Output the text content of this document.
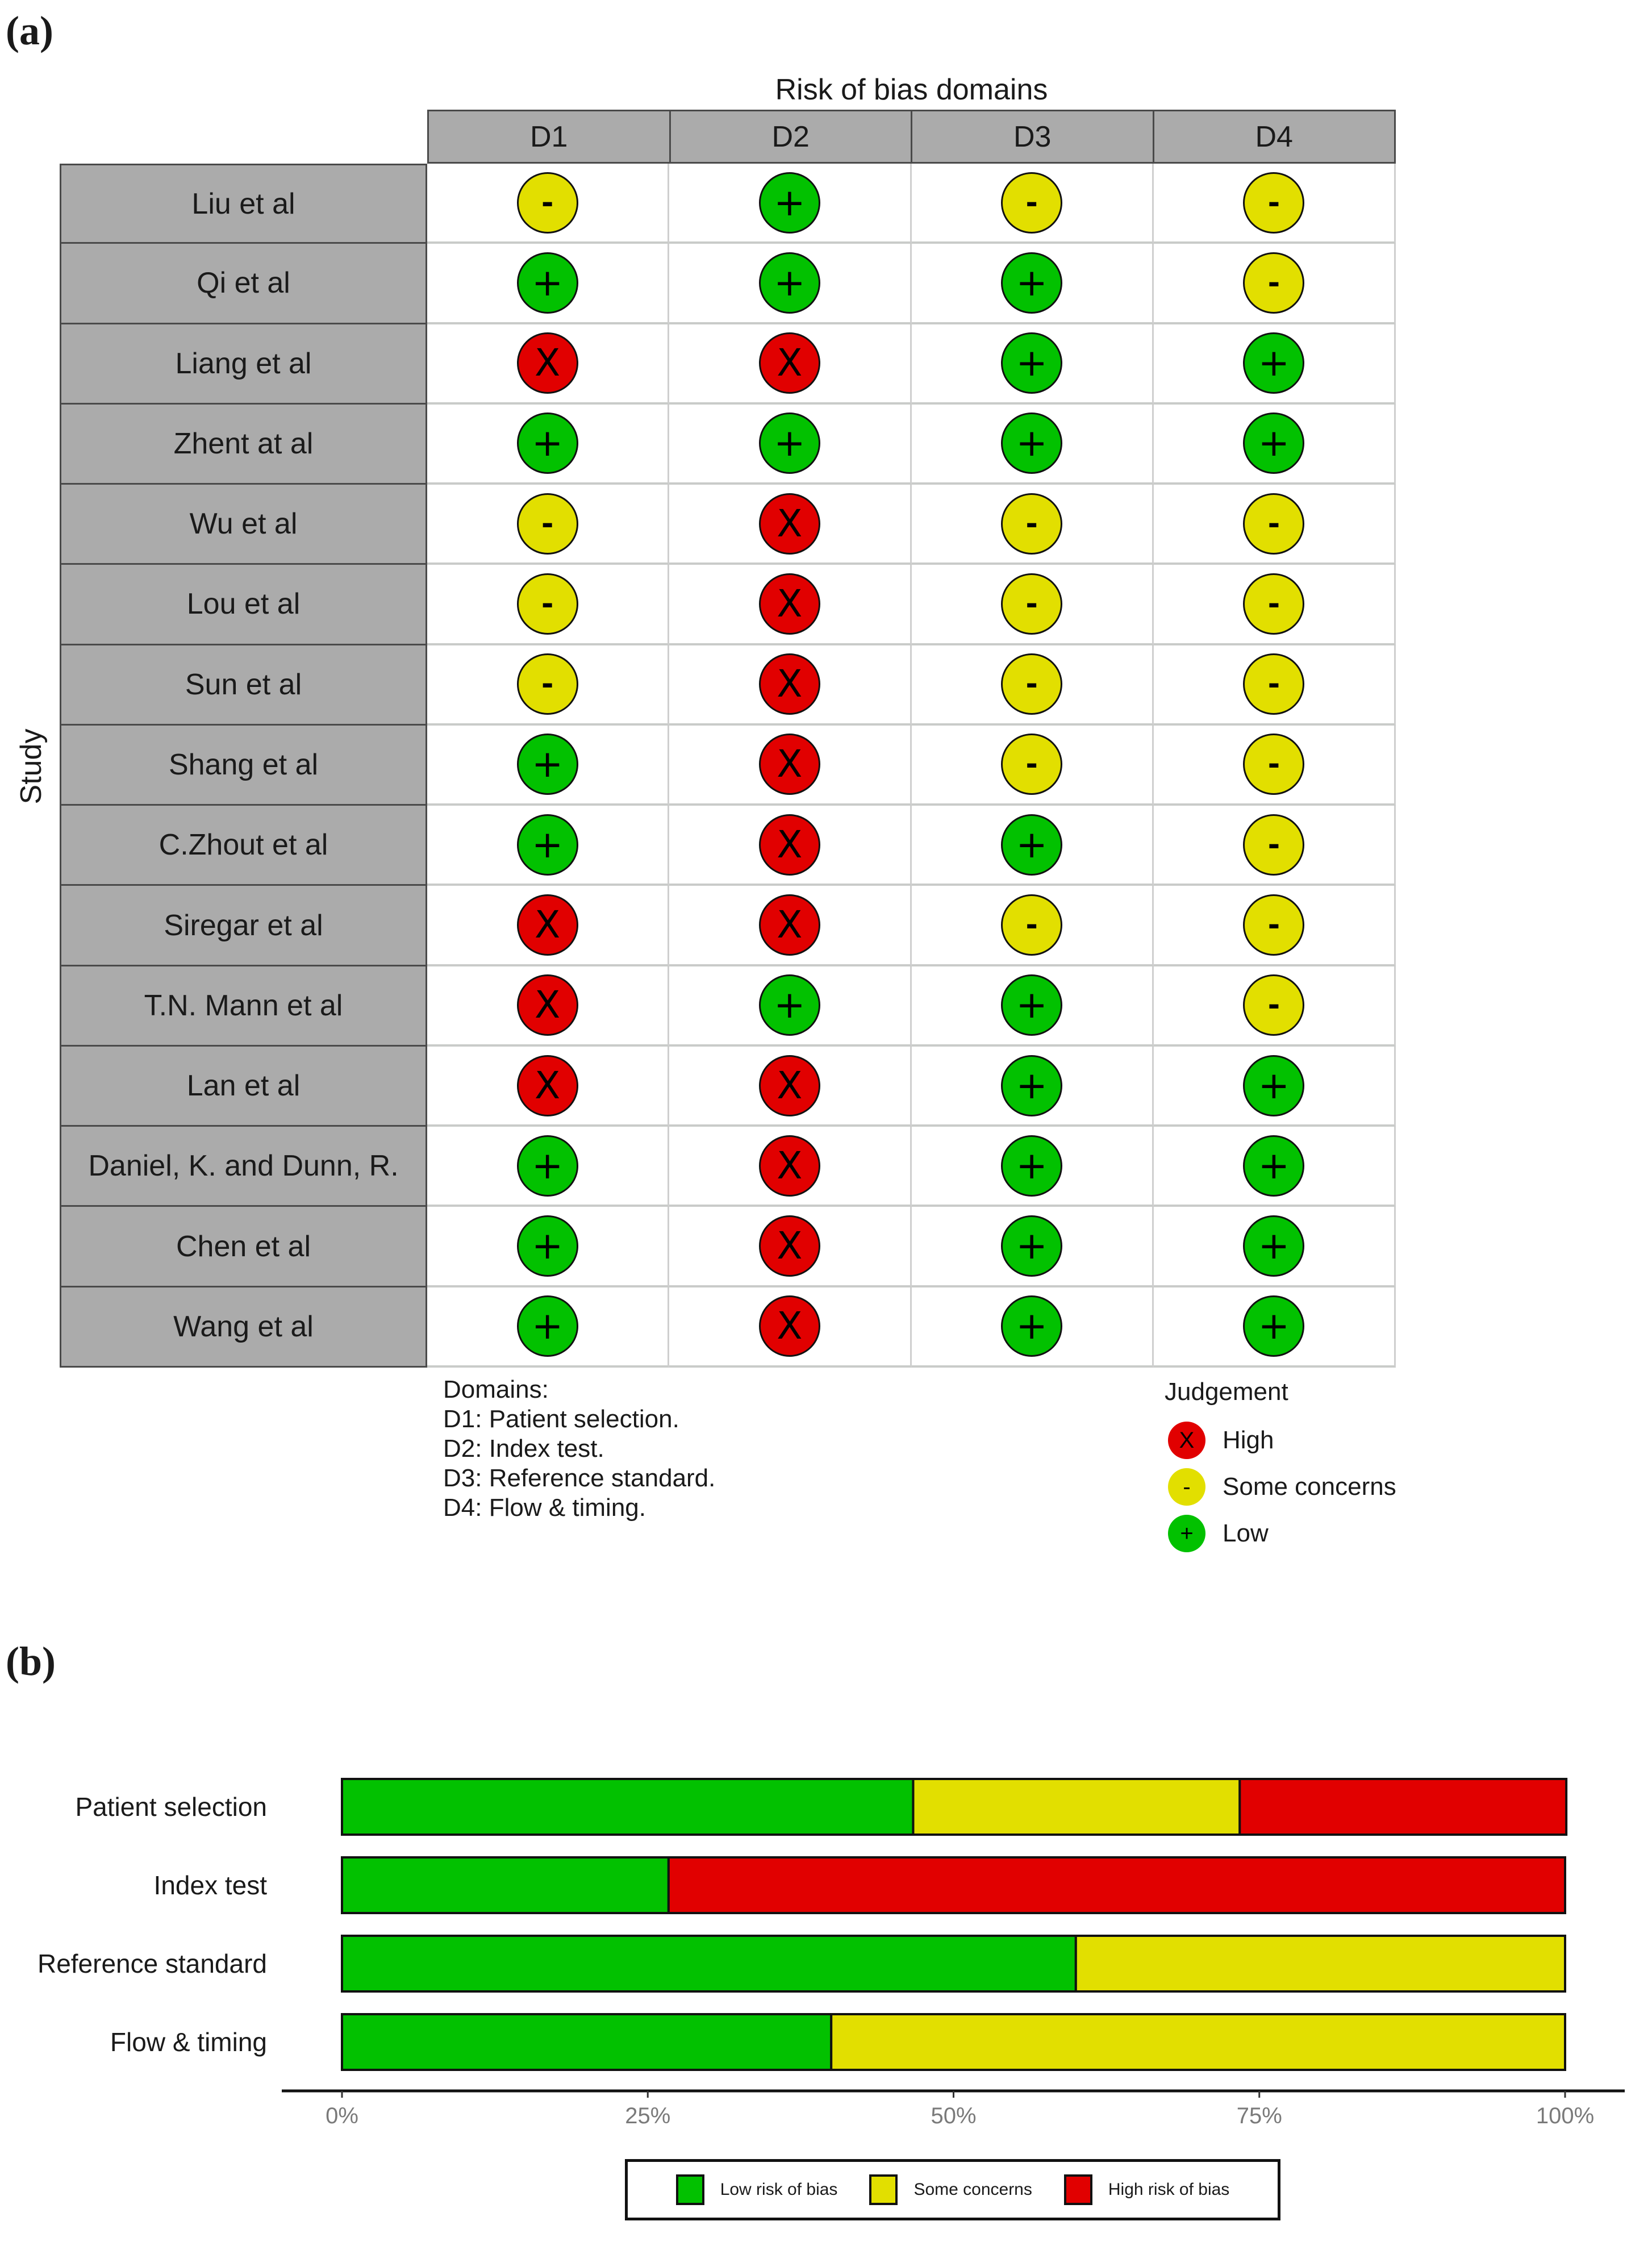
(a)
Risk of bias domains
D1	D2	D3	D4
Study
Liu et al	-	+	-	-
Qi et al	+	+	+	-
Liang et al	X	X	+	+
Zhent at al	+	+	+	+
Wu et al	-	X	-	-
Lou et al	-	X	-	-
Sun et al	-	X	-	-
Shang et al	+	X	-	-
C.Zhout et al	+	X	+	-
Siregar et al	X	X	-	-
T.N. Mann et al	X	+	+	-
Lan et al	X	X	+	+
Daniel, K. and Dunn, R.	+	X	+	+
Chen et al	+	X	+	+
Wang et al	+	X	+	+
Domains:
D1: Patient selection.
D2: Index test.
D3: Reference standard.
D4: Flow & timing.
Judgement
X	High
-	Some concerns
+	Low
(b)
Patient selection
Index test
Reference standard
Flow & timing
0%	25%	50%	75%	100%
Low risk of bias	Some concerns	High risk of bias
